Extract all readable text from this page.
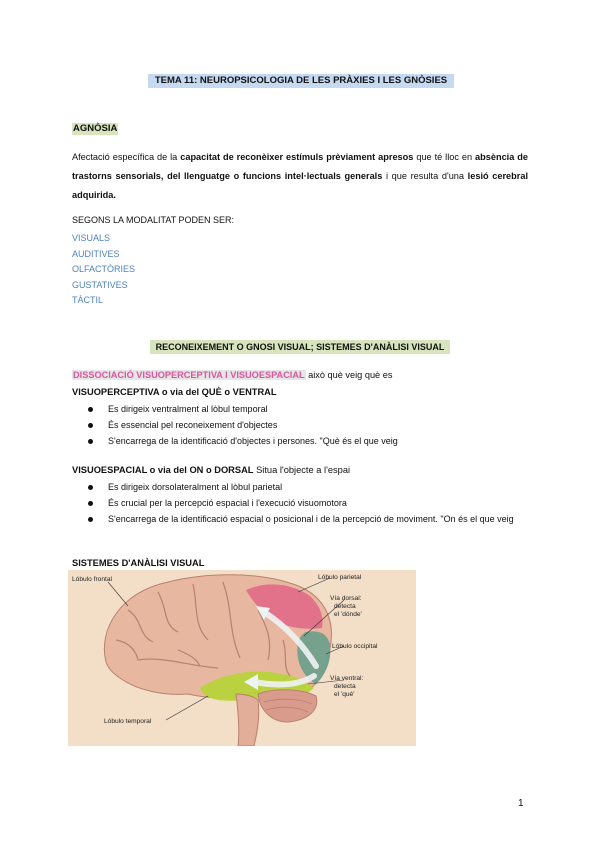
TEMA 11: NEUROPSICOLOGIA DE LES PRÀXIES I LES GNÒSIES
AGNÒSIA
Afectació específica de la capacitat de reconèixer estímuls prèviament apresos que té lloc en absència de trastorns sensorials, del llenguatge o funcions intel·lectuals generals i que resulta d'una lesió cerebral adquirida.
SEGONS LA MODALITAT PODEN SER:
VISUALS
AUDITIVES
OLFACTÒRIES
GUSTATIVES
TÀCTIL
RECONEIXEMENT O GNOSI VISUAL; SISTEMES D'ANÀLISI VISUAL
DISSOCIACIÓ VISUOPERCEPTIVA I VISUOESPACIAL això què veig què es
VISUOPERCEPTIVA o via del QUÈ o VENTRAL
Es dirigeix ventralment al lòbul temporal
És essencial pel reconeixement d'objectes
S'encarrega de la identificació d'objectes i persones. "Què és el que veig
VISUOESPACIAL o via del ON o DORSAL Situa l'objecte a l'espai
Es dirigeix dorsolateralment al lòbul parietal
És crucial per la percepció espacial i l'execució visuomotora
S'encarrega de la identificació espacial o posicional i de la percepció de moviment. "On és el que veig
SISTEMES D'ANÀLISI VISUAL
Lóbulo frontal	Lóbulo parietal
Vía dorsal:
detecta
el 'dónde'
Lóbulo occipital
Vía ventral:
detecta
el 'qué'
Lóbulo temporal
1
